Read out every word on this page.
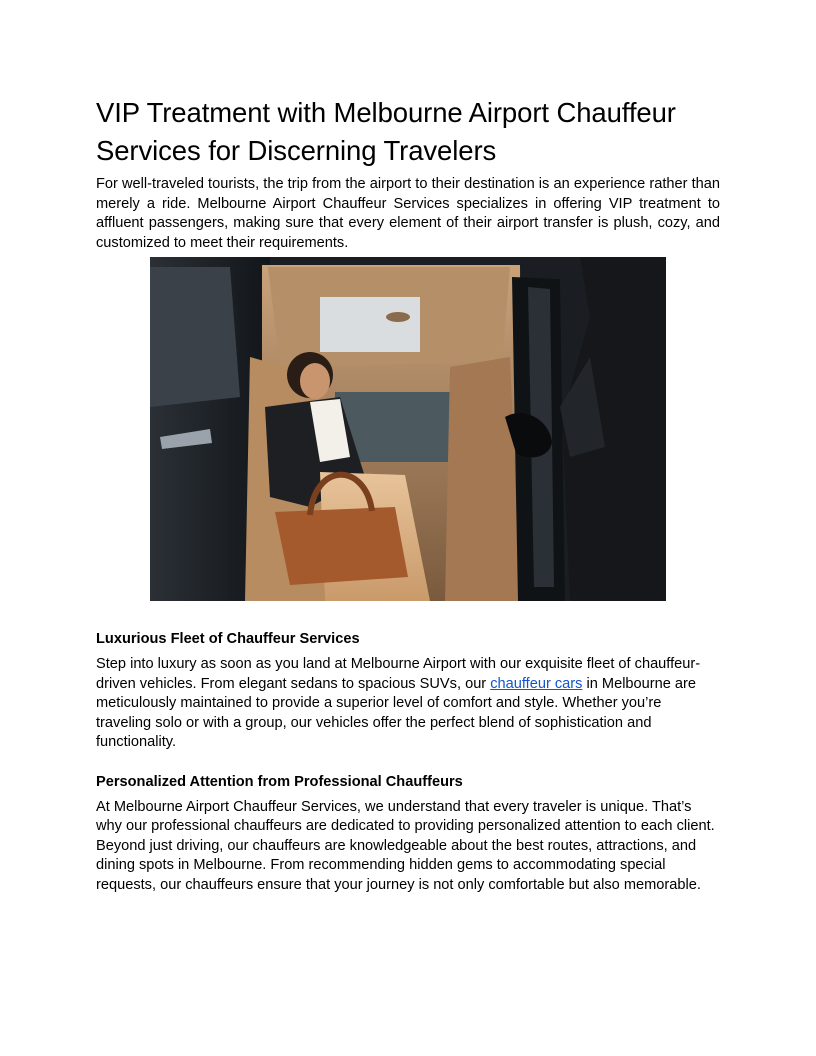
VIP Treatment with Melbourne Airport Chauffeur Services for Discerning Travelers

For well-traveled tourists, the trip from the airport to their destination is an experience rather than merely a ride. Melbourne Airport Chauffeur Services specializes in offering VIP treatment to affluent passengers, making sure that every element of their airport transfer is plush, cozy, and customized to meet their requirements.

Luxurious Fleet of Chauffeur Services

Step into luxury as soon as you land at Melbourne Airport with our exquisite fleet of chauffeur-driven vehicles. From elegant sedans to spacious SUVs, our chauffeur cars in Melbourne are meticulously maintained to provide a superior level of comfort and style. Whether you’re traveling solo or with a group, our vehicles offer the perfect blend of sophistication and functionality.

Personalized Attention from Professional Chauffeurs

At Melbourne Airport Chauffeur Services, we understand that every traveler is unique. That’s why our professional chauffeurs are dedicated to providing personalized attention to each client. Beyond just driving, our chauffeurs are knowledgeable about the best routes, attractions, and dining spots in Melbourne. From recommending hidden gems to accommodating special requests, our chauffeurs ensure that your journey is not only comfortable but also memorable.
